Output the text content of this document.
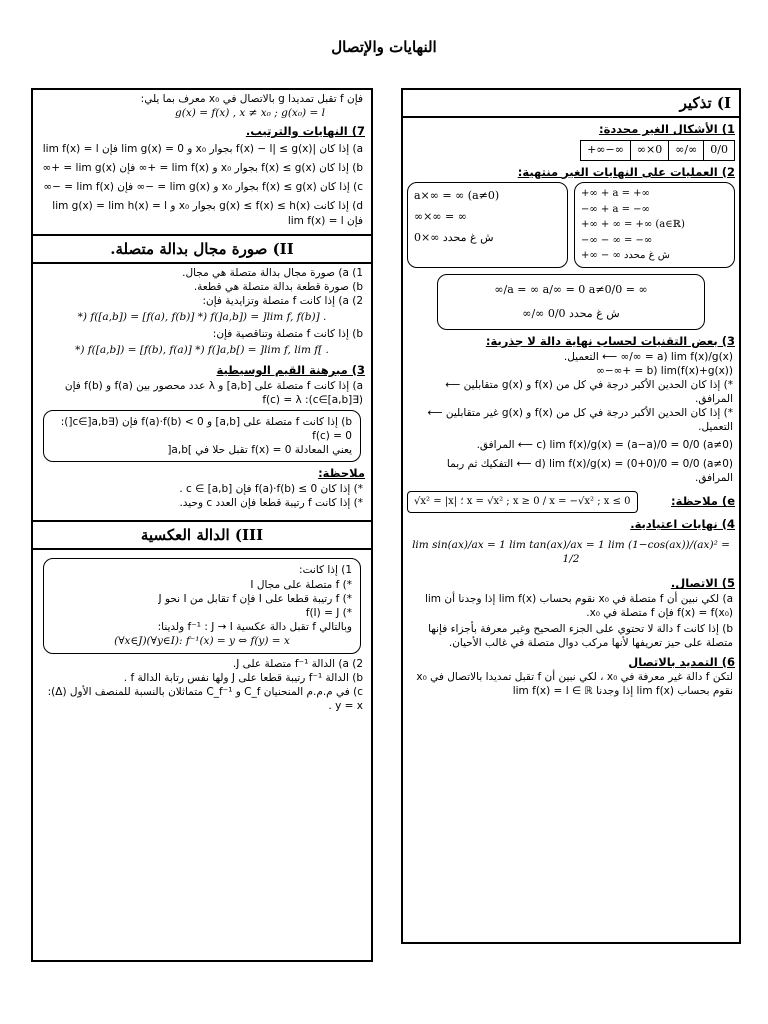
النهايات والإتصال
I) تذكير
1) الأشكال الغير محددة:
+∞−∞	∞×0	∞/∞	0/0
2) العمليات على النهايات الغير منتهية:
a×∞ = ∞ (a≠0)
∞×∞ = ∞
0×∞ ش غ محدد
+∞ + a = +∞
−∞ + a = −∞
+∞ + ∞ = +∞ (a∈ℝ)
−∞ − ∞ = −∞
+∞ − ∞ ش غ محدد
∞/a = ∞ a/∞ = 0 a≠0/0 = ∞
∞/∞ 0/0 ش غ محدد
3) بعض التقنيات لحساب نهاية دالة لا جذرية:
a) lim f(x)/g(x) = ∞/∞ ⟵ التعميل.
b) lim(f(x)+g(x)) = +∞−∞
*) إذا كان الحدين الأكبر درجة في كل من f(x) و g(x) متقابلين ⟵ المرافق.
*) إذا كان الحدين الأكبر درجة في كل من f(x) و g(x) غير متقابلين ⟵ التعميل.
c) lim f(x)/g(x) = (a−a)/0 = 0/0 (a≠0) ⟵ المرافق.
d) lim f(x)/g(x) = (0+0)/0 = 0/0 (a≠0) ⟵ التفكيك ثم ربما المرافق.
e) ملاحظة:
√x² = |x| ؛ x = √x² ; x ≥ 0 / x = −√x² ; x ≤ 0
4) نهايات اعتيادية.
lim sin(ax)/ax = 1 lim tan(ax)/ax = 1 lim (1−cos(ax))/(ax)² = 1/2
5) الاتصال.
a) لكي نبين أن f متصلة في x₀ نقوم بحساب lim f(x) إذا وجدنا أن lim f(x) = f(x₀) فإن f متصلة في x₀.
b) إذا كانت f دالة لا تحتوي على الجزء الصحيح وغير معرفة بأجزاء فإنها متصلة على حيز تعريفها لأنها مركب دوال متصلة في غالب الأحيان.
6) التمديد بالاتصال
لتكن f دالة غير معرفة في x₀ ، لكي نبين أن f تقبل تمديدا بالاتصال في x₀ نقوم بحساب lim f(x) إذا وجدنا lim f(x) = l ∈ ℝ
فإن f تقبل تمديدا g بالاتصال في x₀ معرف بما يلي:
g(x) = f(x) , x ≠ x₀ ; g(x₀) = l
7) النهايات والترتيب.
a) إذا كان |f(x) − l| ≤ g(x) بجوار x₀ و lim g(x) = 0 فإن lim f(x) = l
b) إذا كان f(x) ≤ g(x) بجوار x₀ و lim f(x) = +∞ فإن lim g(x) = +∞
c) إذا كان f(x) ≤ g(x) بجوار x₀ و lim g(x) = −∞ فإن lim f(x) = −∞
d) إذا كانت g(x) ≤ f(x) ≤ h(x) بجوار x₀ و lim g(x) = lim h(x) = l فإن lim f(x) = l
II) صورة مجال بدالة متصلة.
1) a) صورة مجال بدالة متصلة هي مجال.
b) صورة قطعة بدالة متصلة هي قطعة.
2) a) إذا كانت f متصلة وتزايدية فإن:
*) f([a,b]) = [f(a), f(b)] *) f(]a,b]) = ]lim f, f(b)] .
b) إذا كانت f متصلة وتناقصية فإن:
*) f([a,b]) = [f(b), f(a)] *) f(]a,b[) = ]lim f, lim f[ .
3) مبرهنة القيم الوسيطية
a) إذا كانت f متصلة على [a,b] و λ عدد محصور بين f(a) و f(b) فإن (∃c∈[a,b]): f(c) = λ
b) إذا كانت f متصلة على [a,b] و f(a)·f(b) < 0 فإن (∃c∈]a,b[): f(c) = 0
يعني المعادلة f(x) = 0 تقبل حلا في ]a,b[
ملاحظة:
*) إذا كان f(a)·f(b) ≤ 0 فإن c ∈ [a,b] .
*) إذا كانت f رتيبة قطعا فإن العدد c وحيد.
III) الدالة العكسية
1) إذا كانت:
*) f متصلة على مجال I
*) f رتيبة قطعا على I فإن f تقابل من I نحو J
*) f(I) = J
وبالتالي f تقبل دالة عكسية f⁻¹ : J → I ولدينا:
(∀x∈J)(∀y∈I): f⁻¹(x) = y ⇔ f(y) = x
2) a) الدالة f⁻¹ متصلة على J.
b) الدالة f⁻¹ رتيبة قطعا على J ولها نفس رتابة الدالة f .
c) في م.م.م المنحنيان C_f و C_f⁻¹ متماثلان بالنسبة للمنصف الأول (Δ): y = x .
